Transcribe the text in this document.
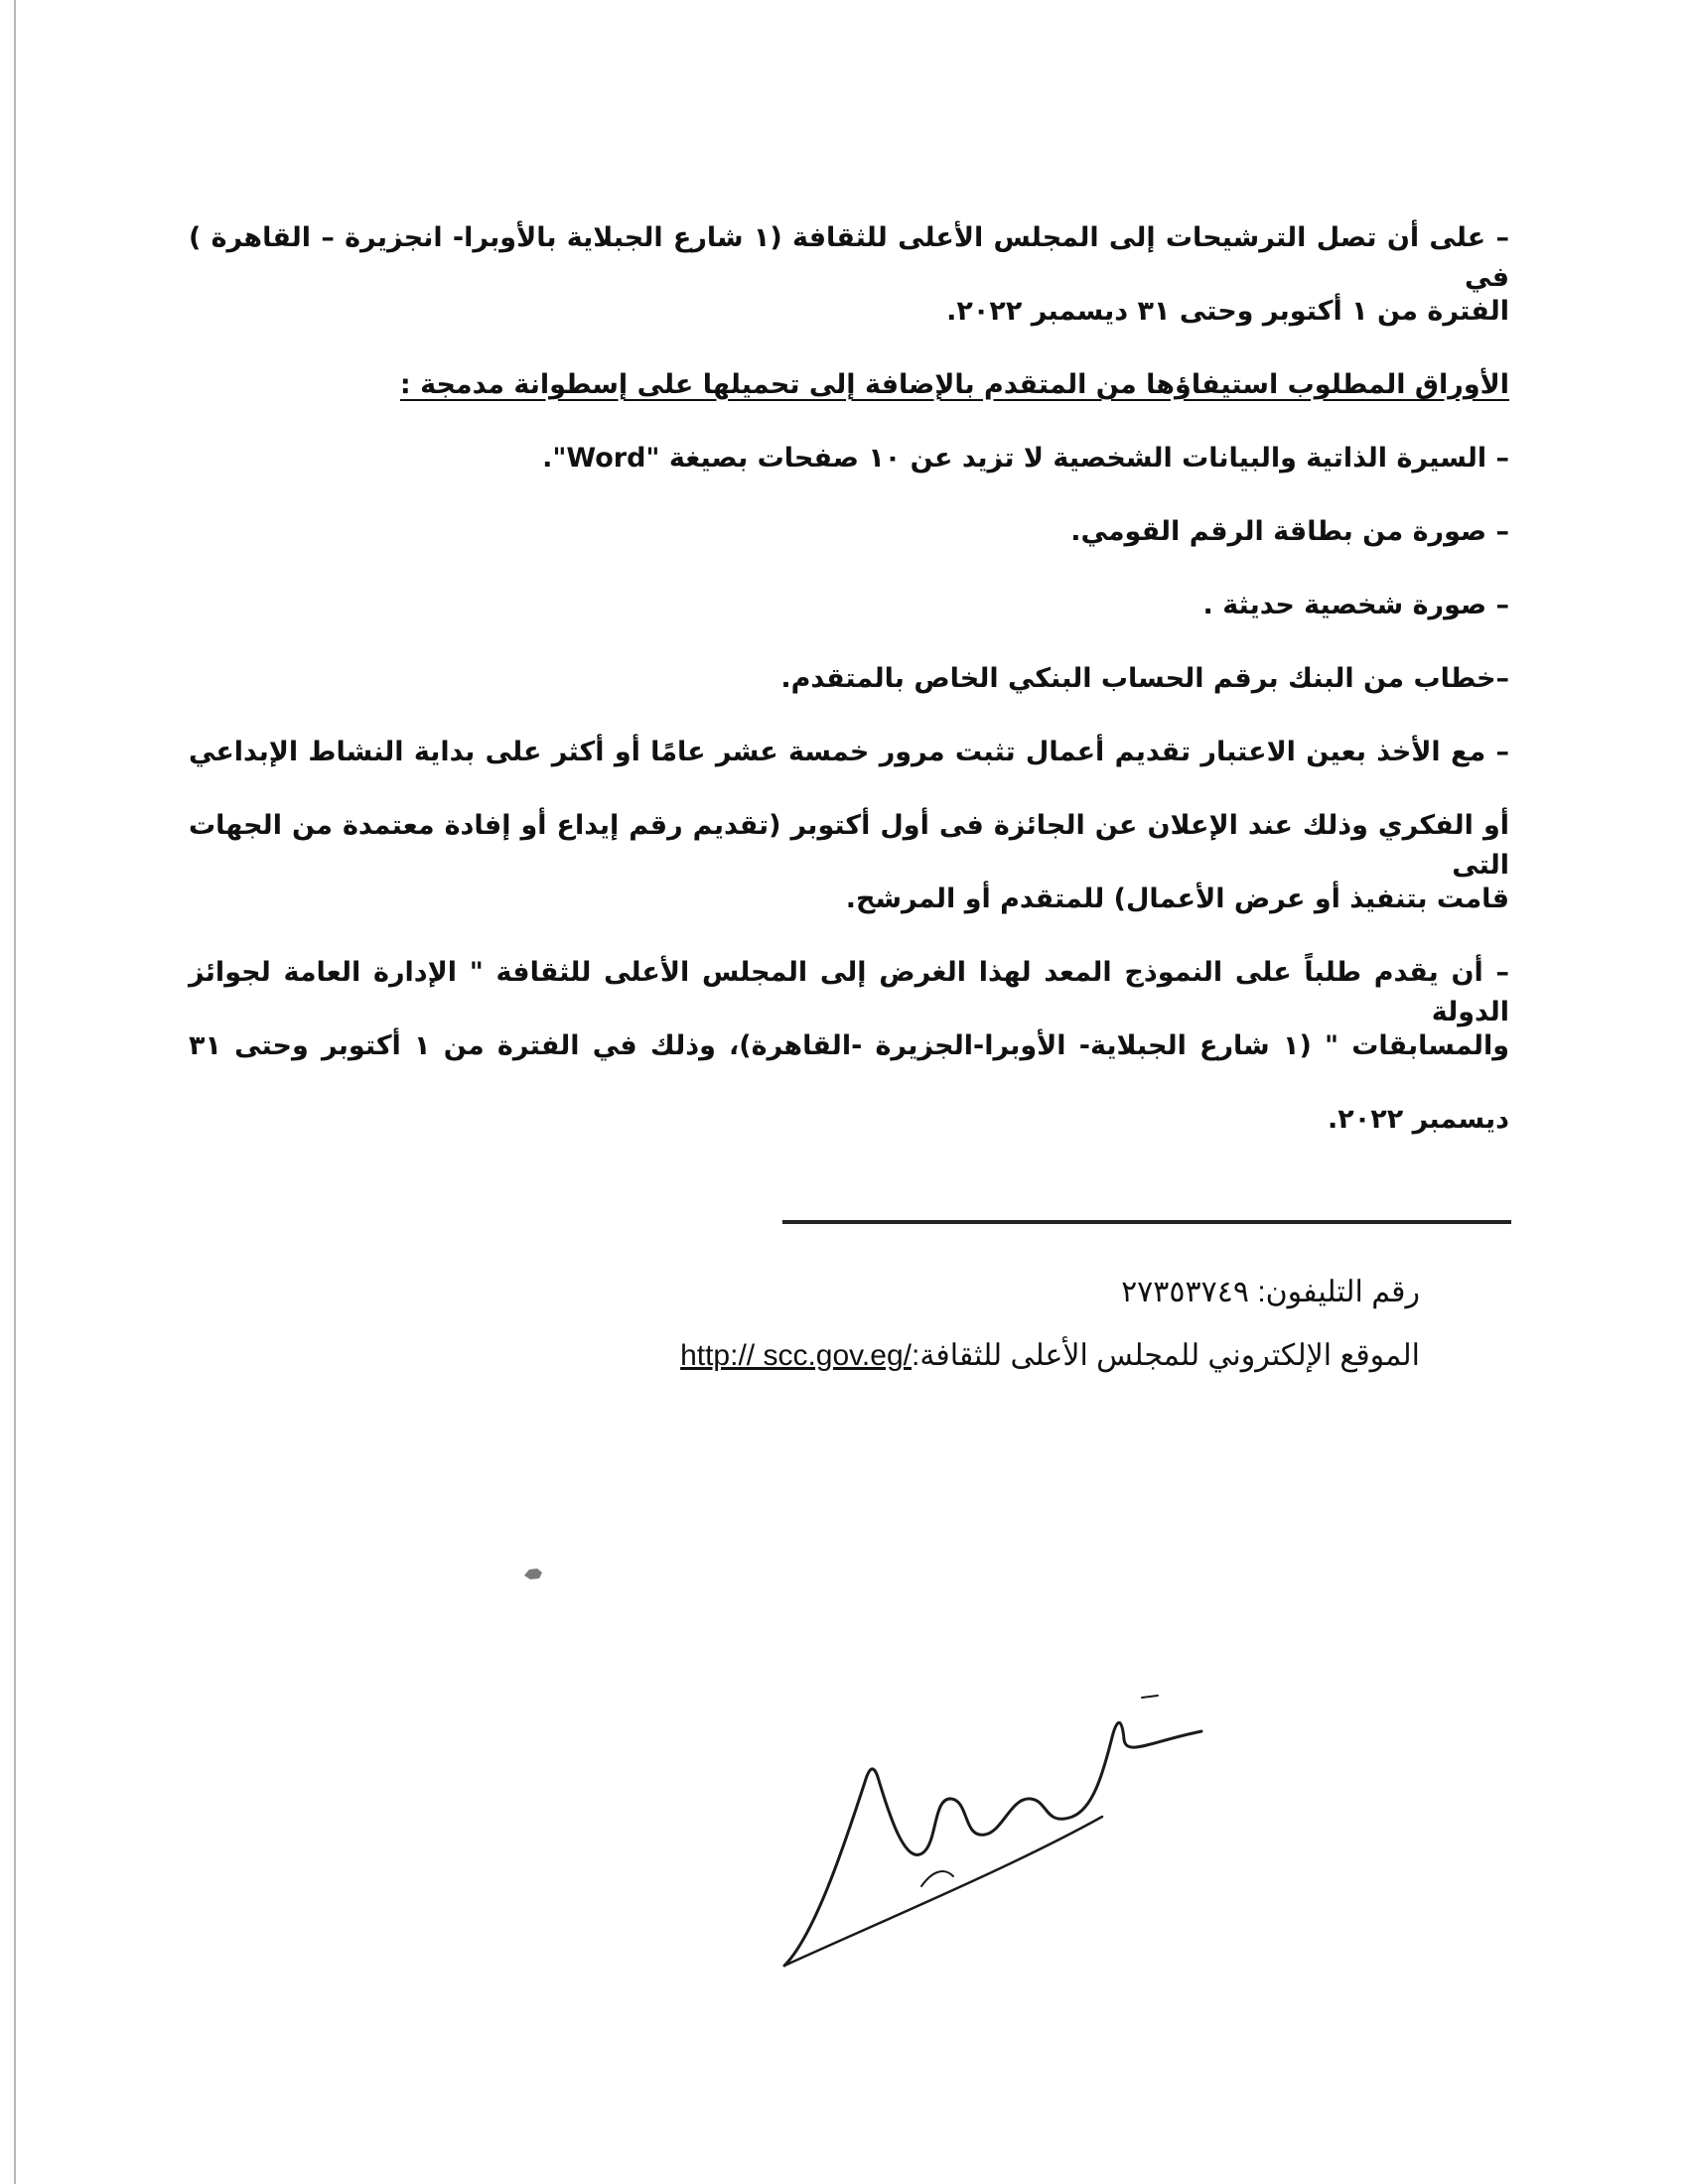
– على أن تصل الترشيحات إلى المجلس الأعلى للثقافة (١ شارع الجبلاية بالأوبرا- انجزيرة – القاهرة ) في
الفترة من ١ أكتوبر وحتى ٣١ ديسمبر ٢٠٢٢.
الأوراق المطلوب استيفاؤها من المتقدم بالإضافة إلى تحميلها على إسطوانة مدمجة :
– السيرة الذاتية والبيانات الشخصية لا تزيد عن ١٠ صفحات بصيغة "Word".
– صورة من بطاقة الرقم القومي.
– صورة شخصية حديثة .
–خطاب من البنك برقم الحساب البنكي الخاص بالمتقدم.
– مع الأخذ بعين الاعتبار تقديم أعمال تثبت مرور خمسة عشر عامًا أو أكثر على بداية النشاط الإبداعي
أو الفكري وذلك عند الإعلان عن الجائزة فى أول أكتوبر (تقديم رقم إيداع أو إفادة معتمدة من الجهات التى
قامت بتنفيذ أو عرض الأعمال) للمتقدم أو المرشح.
– أن يقدم طلباً على النموذج المعد لهذا الغرض إلى المجلس الأعلى للثقافة " الإدارة العامة لجوائز الدولة
والمسابقات " (١ شارع الجبلاية- الأوبرا-الجزيرة -القاهرة)، وذلك في الفترة من ١ أكتوبر وحتى ٣١
ديسمبر ٢٠٢٢.
رقم التليفون: ٢٧٣٥٣٧٤٩
الموقع الإلكتروني للمجلس الأعلى للثقافة:http:// scc.gov.eg/
